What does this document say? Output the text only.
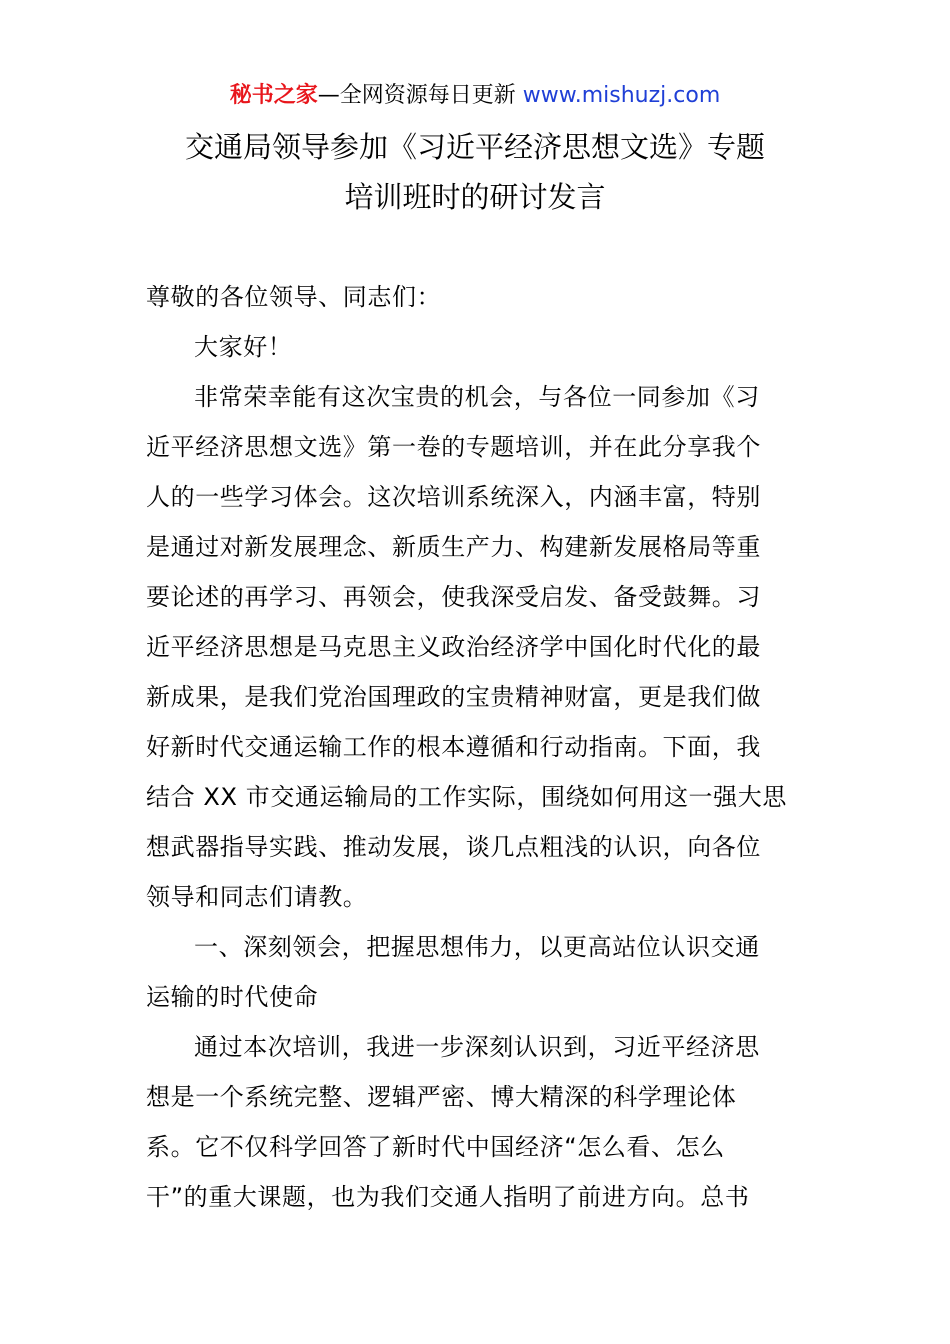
秘书之家—全网资源每日更新 www.mishuzj.com
交通局领导参加《习近平经济思想文选》专题
培训班时的研讨发言
尊敬的各位领导、同志们：
大家好！
非常荣幸能有这次宝贵的机会，与各位一同参加《习
近平经济思想文选》第一卷的专题培训，并在此分享我个
人的一些学习体会。这次培训系统深入，内涵丰富，特别
是通过对新发展理念、新质生产力、构建新发展格局等重
要论述的再学习、再领会，使我深受启发、备受鼓舞。习
近平经济思想是马克思主义政治经济学中国化时代化的最
新成果，是我们党治国理政的宝贵精神财富，更是我们做
好新时代交通运输工作的根本遵循和行动指南。下面，我
结合 XX 市交通运输局的工作实际，围绕如何用这一强大思
想武器指导实践、推动发展，谈几点粗浅的认识，向各位
领导和同志们请教。
一、深刻领会，把握思想伟力，以更高站位认识交通
运输的时代使命
通过本次培训，我进一步深刻认识到，习近平经济思
想是一个系统完整、逻辑严密、博大精深的科学理论体
系。它不仅科学回答了新时代中国经济“怎么看、怎么
干”的重大课题，也为我们交通人指明了前进方向。总书
